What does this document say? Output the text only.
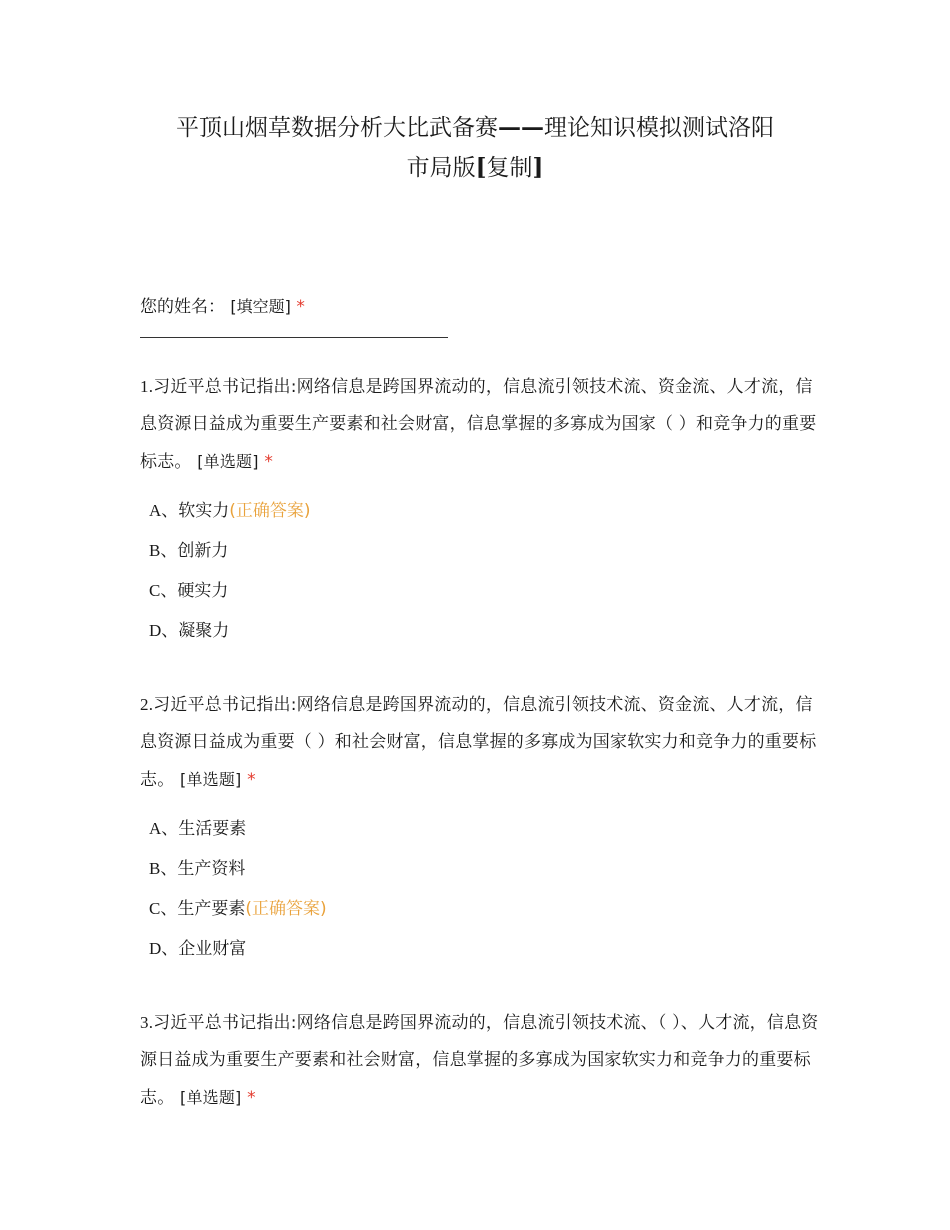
平顶山烟草数据分析大比武备赛——理论知识模拟测试洛阳
市局版[复制]
您的姓名： [填空题] *
1.习近平总书记指出:网络信息是跨国界流动的，信息流引领技术流、资金流、人才流，信息资源日益成为重要生产要素和社会财富，信息掌握的多寡成为国家（ ）和竞争力的重要标志。 [单选题] *
A、软实力(正确答案)
B、创新力
C、硬实力
D、凝聚力
2.习近平总书记指出:网络信息是跨国界流动的，信息流引领技术流、资金流、人才流，信息资源日益成为重要（ ）和社会财富，信息掌握的多寡成为国家软实力和竞争力的重要标志。 [单选题] *
A、生活要素
B、生产资料
C、生产要素(正确答案)
D、企业财富
3.习近平总书记指出:网络信息是跨国界流动的，信息流引领技术流、（ ）、人才流，信息资源日益成为重要生产要素和社会财富，信息掌握的多寡成为国家软实力和竞争力的重要标志。 [单选题] *
